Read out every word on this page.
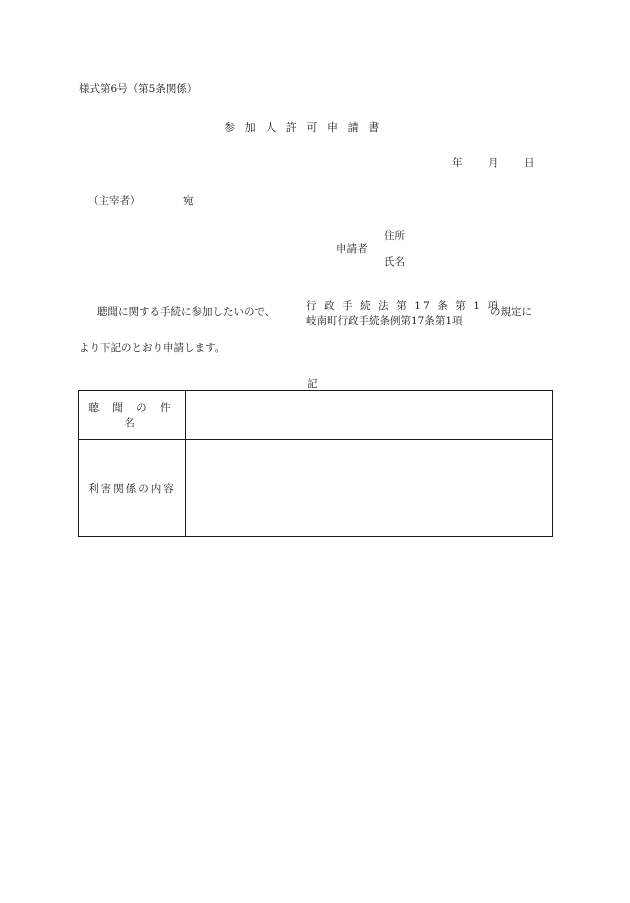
様式第6号（第5条関係）
参加人許可申請書
年 月 日
（主宰者）	宛
申請者
住所
氏名
聴聞に関する手続に参加したいので、	行 政 手 続 法 第 17 条 第 1 項
岐南町行政手続条例第17条第1項
の規定に
より下記のとおり申請します。
記
聴 聞 の 件 名	
利害関係の内容	
